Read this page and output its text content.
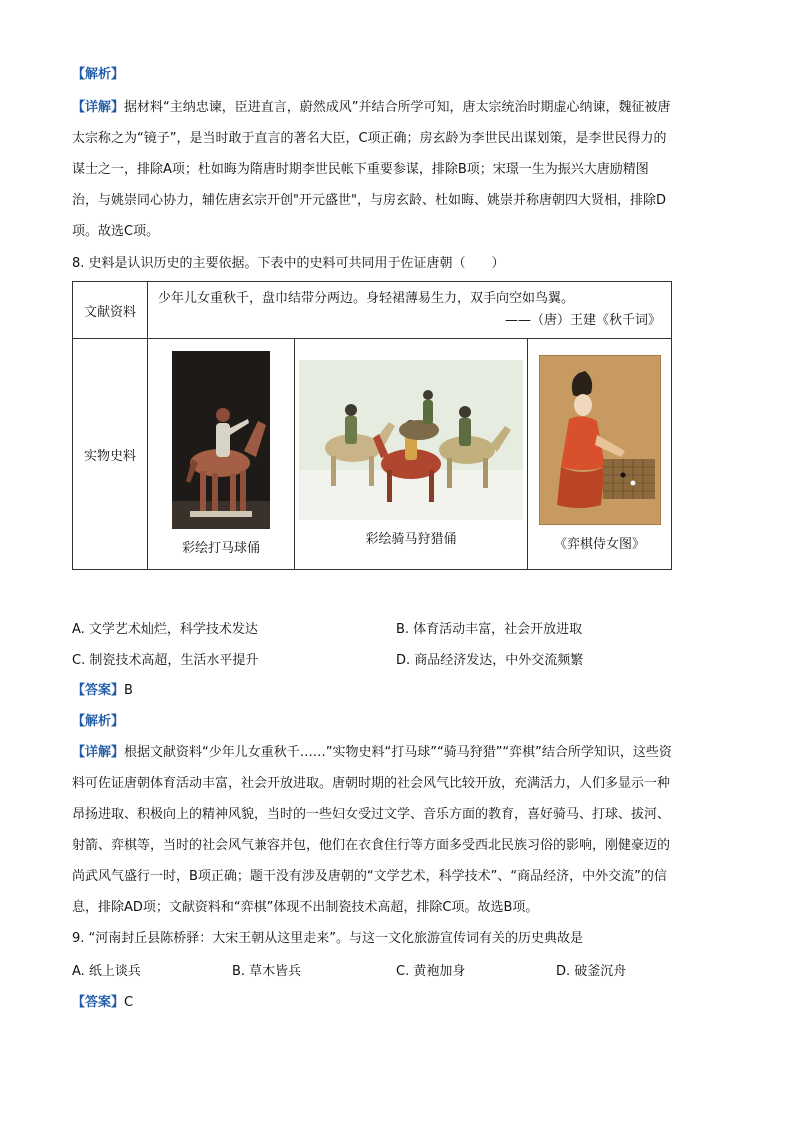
【解析】
【详解】据材料“主纳忠谏，臣进直言，蔚然成风”并结合所学可知，唐太宗统治时期虚心纳谏，魏征被唐
太宗称之为“镜子”，是当时敢于直言的著名大臣，C项正确；房玄龄为李世民出谋划策，是李世民得力的
谋士之一，排除A项；杜如晦为隋唐时期李世民帐下重要参谋，排除B项；宋璟一生为振兴大唐励精图
治，与姚崇同心协力，辅佐唐玄宗开创"开元盛世"，与房玄龄、杜如晦、姚崇并称唐朝四大贤相，排除D
项。故选C项。
8. 史料是认识历史的主要依据。下表中的史料可共同用于佐证唐朝（　　）
文献资料	少年儿女重秋千，盘巾结带分两边。身轻裙薄易生力，双手向空如鸟翼。
——（唐）王建《秋千词》		

实物史料	彩绘打马球俑	彩绘骑马狩猎俑	《弈棋侍女图》
A. 文学艺术灿烂，科学技术发达	B. 体育活动丰富，社会开放进取
C. 制瓷技术高超，生活水平提升	D. 商品经济发达，中外交流频繁
【答案】B
【解析】
【详解】根据文献资料“少年儿女重秋千……”实物史料“打马球”“骑马狩猎”“弈棋”结合所学知识，这些资
料可佐证唐朝体育活动丰富，社会开放进取。唐朝时期的社会风气比较开放，充满活力，人们多显示一种
昂扬进取、积极向上的精神风貌，当时的一些妇女受过文学、音乐方面的教育，喜好骑马、打球、拔河、
射箭、弈棋等，当时的社会风气兼容并包，他们在衣食住行等方面多受西北民族习俗的影响，刚健豪迈的
尚武风气盛行一时，B项正确；题干没有涉及唐朝的“文学艺术，科学技术”、“商品经济，中外交流”的信
息，排除AD项；文献资料和“弈棋”体现不出制瓷技术高超，排除C项。故选B项。
9. “河南封丘县陈桥驿：大宋王朝从这里走来”。与这一文化旅游宣传词有关的历史典故是
A. 纸上谈兵	B. 草木皆兵	C. 黄袍加身	D. 破釜沉舟
【答案】C
